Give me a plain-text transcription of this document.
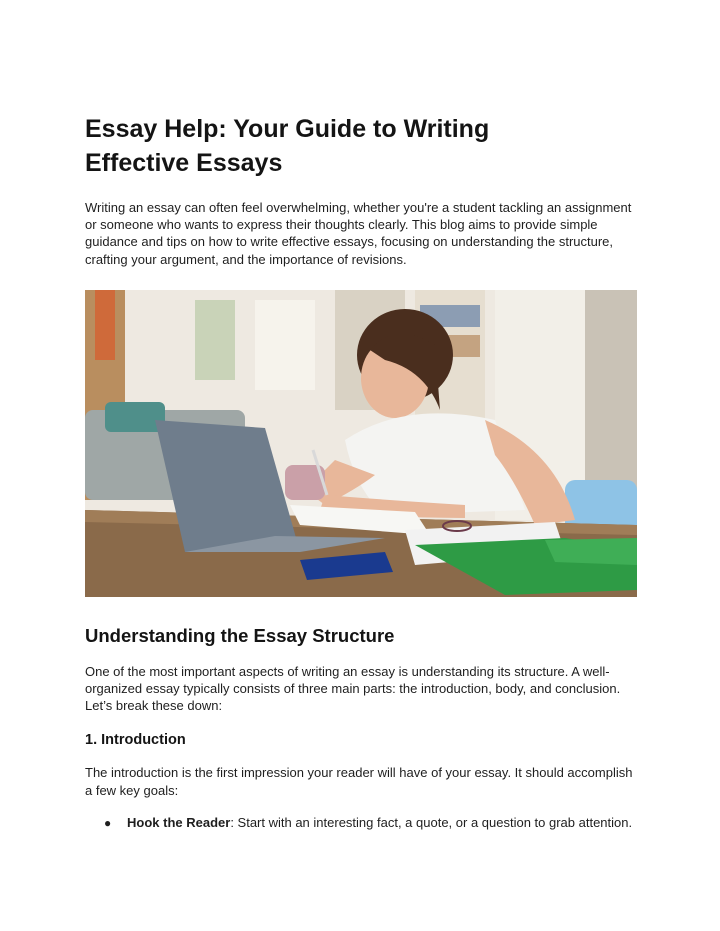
Essay Help: Your Guide to Writing Effective Essays

Writing an essay can often feel overwhelming, whether you're a student tackling an assignment or someone who wants to express their thoughts clearly. This blog aims to provide simple guidance and tips on how to write effective essays, focusing on understanding the structure, crafting your argument, and the importance of revisions.

Understanding the Essay Structure

One of the most important aspects of writing an essay is understanding its structure. A well-organized essay typically consists of three main parts: the introduction, body, and conclusion. Let’s break these down:

1. Introduction

The introduction is the first impression your reader will have of your essay. It should accomplish a few key goals:

●	Hook the Reader: Start with an interesting fact, a quote, or a question to grab attention.
